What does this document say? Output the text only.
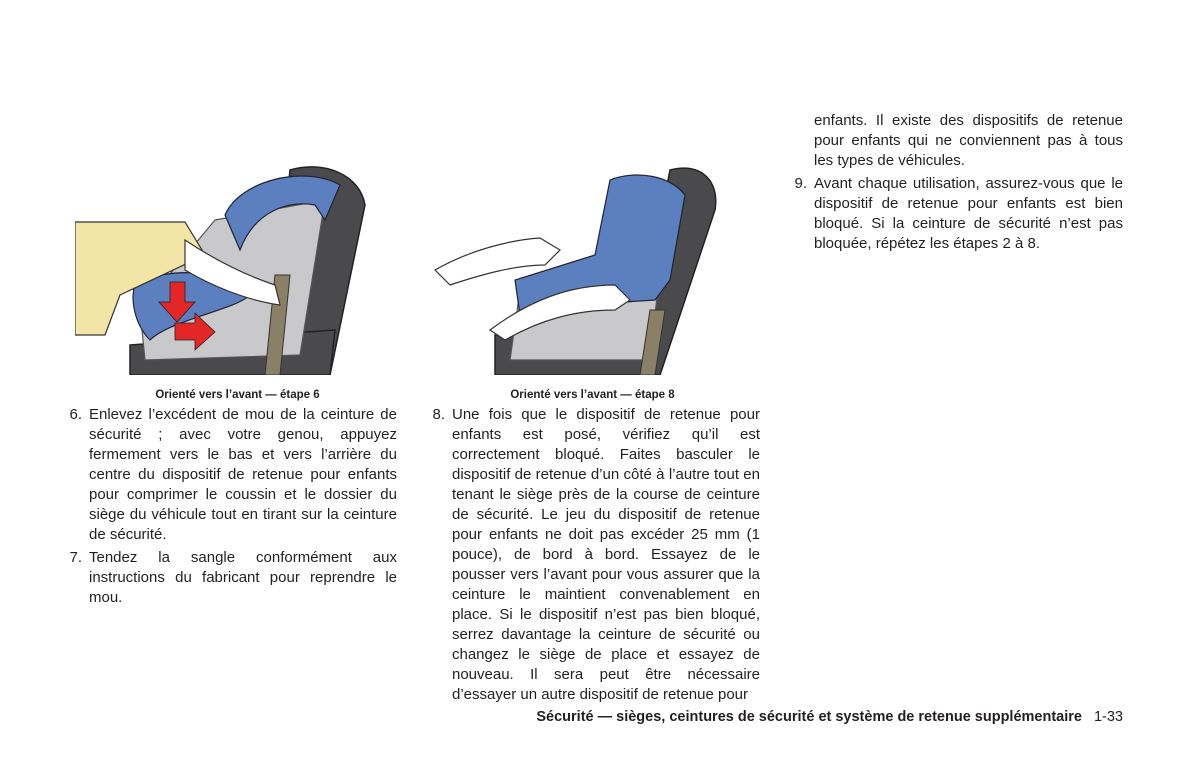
Orienté vers l’avant — étape 6	Orienté vers l’avant — étape 8
6. Enlevez l’excédent de mou de la ceinture de sécurité ; avec votre genou, appuyez fermement vers le bas et vers l’arrière du centre du dispositif de retenue pour enfants pour comprimer le coussin et le dossier du siège du véhicule tout en tirant sur la ceinture de sécurité.
7. Tendez la sangle conformément aux instructions du fabricant pour reprendre le mou.
8. Une fois que le dispositif de retenue pour enfants est posé, vérifiez qu’il est correctement bloqué. Faites basculer le dispositif de retenue d’un côté à l’autre tout en tenant le siège près de la course de ceinture de sécurité. Le jeu du dispositif de retenue pour enfants ne doit pas excéder 25 mm (1 pouce), de bord à bord. Essayez de le pousser vers l’avant pour vous assurer que la ceinture le maintient convenablement en place. Si le dispositif n’est pas bien bloqué, serrez davantage la ceinture de sécurité ou changez le siège de place et essayez de nouveau. Il sera peut être nécessaire d’essayer un autre dispositif de retenue pour
enfants. Il existe des dispositifs de retenue pour enfants qui ne conviennent pas à tous les types de véhicules.
9. Avant chaque utilisation, assurez-vous que le dispositif de retenue pour enfants est bien bloqué. Si la ceinture de sécurité n’est pas bloquée, répétez les étapes 2 à 8.
Sécurité — sièges, ceintures de sécurité et système de retenue supplémentaire 1-33
